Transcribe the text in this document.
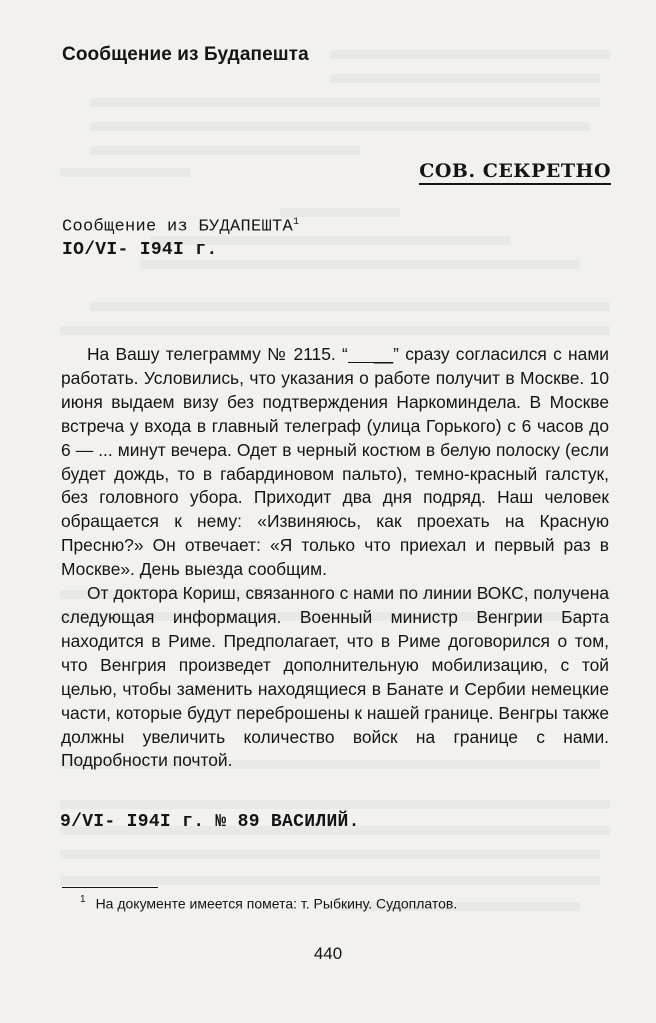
Сообщение из Будапешта
СОВ. СЕКРЕТНО
Сообщение из БУДАПЕШТА$^1$
IO/VI- I94I г.

На Вашу телеграмму № 2115. “ __” сразу согласился с нами работать. Условились, что указания о работе получит в Москве. 10 июня выдаем визу без подтверждения Наркоминдела. В Москве встреча у входа в главный телеграф (улица Горького) с 6 часов до 6 — ... минут вечера. Одет в черный костюм в белую полоску (если будет дождь, то в габардиновом пальто), темно-красный галстук, без головного убора. Приходит два дня подряд. Наш человек обращается к нему: «Извиняюсь, как проехать на Красную Пресню?» Он отвечает: «Я только что приехал и первый раз в Москве». День выезда сообщим.

От доктора Кориш, связанного с нами по линии ВОКС, получена следующая информация. Военный министр Венгрии Барта находится в Риме. Предполагает, что в Риме договорился о том, что Венгрия произведет дополнительную мобилизацию, с той целью, чтобы заменить находящиеся в Банате и Сербии немецкие части, которые будут переброшены к нашей границе. Венгры также должны увеличить количество войск на границе с нами. Подробности почтой.

9/VI- I94I г. № 89 ВАСИЛИЙ.
$^1$ На документе имеется помета: т. Рыбкину. Судоплатов.
440
